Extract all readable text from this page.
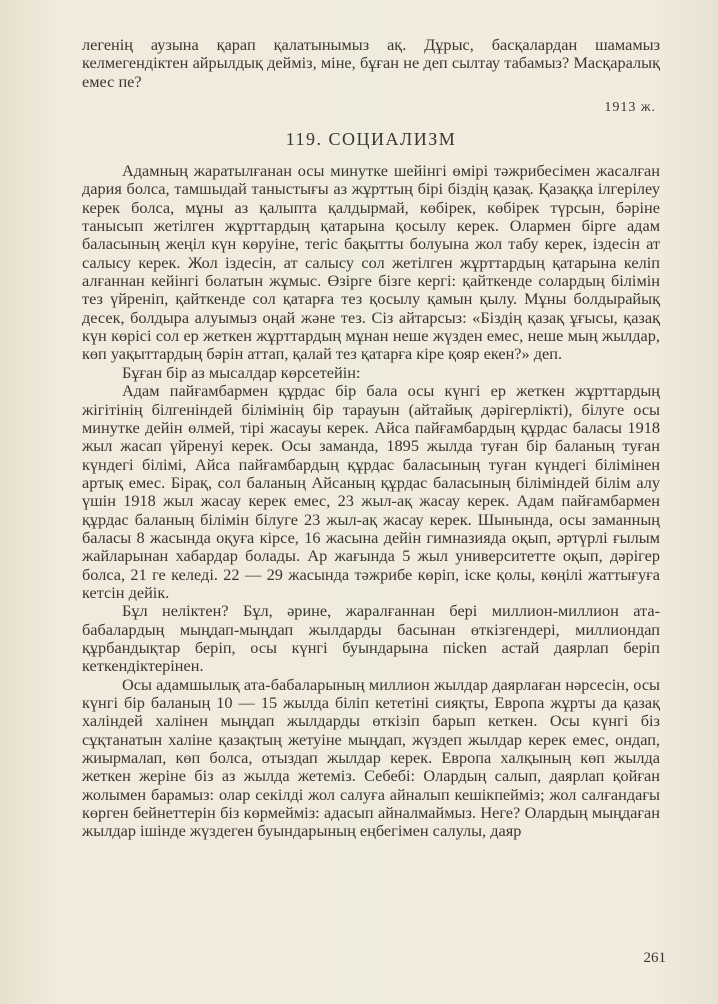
легенің аузына қарап қалатынымыз ақ. Дұрыс, басқалардан шамамыз келмегендіктен айрылдық дейміз, міне, бұған не деп сылтау табамыз? Масқаралық емес пе?

1913 ж.
119. СОЦИАЛИЗМ

Адамның жаратылғанан осы минутке шейінгі өмірі тәжрибесімен жасалған дария болса, тамшыдай таныстығы аз жұрттың бірі біздің қазақ. Қазаққа ілгерілеу керек болса, мұны аз қалыпта қалдырмай, көбірек, көбірек түрсын, бәріне танысып жетілген жұрттардың қатарына қосылу керек. Олармен бірге адам баласының жеңіл күн көруіне, тегіс бақытты болуына жол табу керек, іздесін ат салысу керек. Жол іздесін, ат салысу сол жетілген жұрттардың қатарына келіп алғаннан кейінгі болатын жұмыс. Өзірге бізге кергі: қайткенде солардың білімін тез үйреніп, қайткенде сол қатарға тез қосылу қамын қылу. Мұны болдырайық десек, болдыра алуымыз оңай және тез. Сіз айтарсыз: «Біздің қазақ ұғысы, қазақ күн көрісі сол ер жеткен жұрттардың мұнан нешe жүзден емес, нешe мың жылдар, көп уақыттардың бәрін аттап, қалай тез қатарға кіре қояр екен?» деп.

Бұған бір аз мысалдар көрсетейін:

Адам пайғамбармен құрдас бір бала осы күнгі ер жеткен жұрттардың жігітінің білгеніндей білімінің бір тарауын (айтайық дәрігерлікті), білуге осы минутке дейін өлмей, тірі жасауы керек. Айса пайғамбардың құрдас баласы 1918 жыл жасап үйренуі керек. Осы заманда, 1895 жылда туған бір баланың туған күндегі білімі, Айса пайғамбардың құрдас баласының туған күндегі білімінен артық емес. Бірақ, сол баланың Айсаның құрдас баласының біліміндей білім алу үшін 1918 жыл жасау керек емес, 23 жыл-ақ жасау керек. Адам пайғамбармен құрдас баланың білімін білуге 23 жыл-ақ жасау керек. Шынында, осы заманның баласы 8 жасында оқуға кірсе, 16 жасына дейін гимназияда оқып, әртүрлі ғылым жайларынан хабардар болады. Ар жағында 5 жыл университетте оқып, дәрігер болса, 21 ге келеді. 22 — 29 жасында тәжрибе көріп, іске қолы, көңілі жаттығуға кетсін дейік.

Бұл неліктен? Бұл, әрине, жаралғаннан бері миллион-миллион ата-бабалардың мыңдап-мыңдап жылдарды басынан өткізгендері, миллиондап құрбандықтар беріп, осы күнгі буындарына пісken астай даярлап беріп кеткендіктерінен.

Осы адамшылық ата-бабаларының миллион жылдар даярлаған нәрсесін, осы күнгі бір баланың 10 — 15 жылда біліп кететіні сияқты, Европа жұрты да қазақ халіндей халінен мыңдап жылдарды өткізіп барып кеткен. Осы күнгі біз сұқтанатын халіне қазақтың жетуіне мыңдап, жүздеп жылдар керек емес, ондап, жиырмалап, көп болса, отыздап жылдар керек. Европа халқының көп жылда жеткен жеріне біз аз жылда жетеміз. Себебі: Олардың салып, даярлап қойған жолымен барамыз: олар секілді жол салуға айналып кешікпейміз; жол салғандағы көрген бейнеттерін біз көрмейміз: адасып айналмаймыз. Неге? Олардың мыңдаған жылдар ішінде жүздеген буындарының еңбегімен салулы, даяр

261
